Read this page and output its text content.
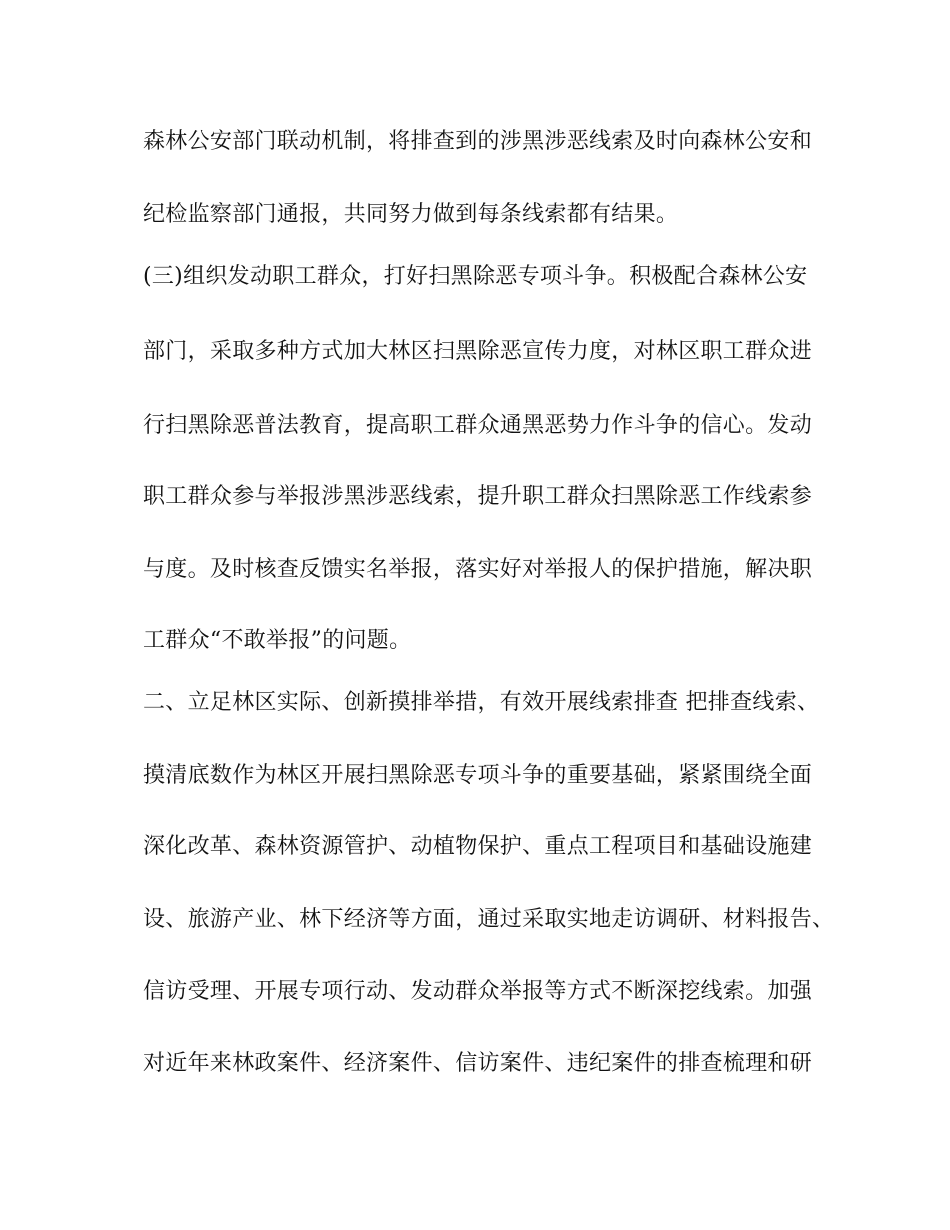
森林公安部门联动机制，将排查到的涉黑涉恶线索及时向森林公安和
纪检监察部门通报，共同努力做到每条线索都有结果。
(三)组织发动职工群众，打好扫黑除恶专项斗争。积极配合森林公安
部门，采取多种方式加大林区扫黑除恶宣传力度，对林区职工群众进
行扫黑除恶普法教育，提高职工群众通黑恶势力作斗争的信心。发动
职工群众参与举报涉黑涉恶线索，提升职工群众扫黑除恶工作线索参
与度。及时核查反馈实名举报，落实好对举报人的保护措施，解决职
工群众“不敢举报”的问题。
二、立足林区实际、创新摸排举措，有效开展线索排查 把排查线索、
摸清底数作为林区开展扫黑除恶专项斗争的重要基础，紧紧围绕全面
深化改革、森林资源管护、动植物保护、重点工程项目和基础设施建
设、旅游产业、林下经济等方面，通过采取实地走访调研、材料报告、
信访受理、开展专项行动、发动群众举报等方式不断深挖线索。加强
对近年来林政案件、经济案件、信访案件、违纪案件的排查梳理和研
